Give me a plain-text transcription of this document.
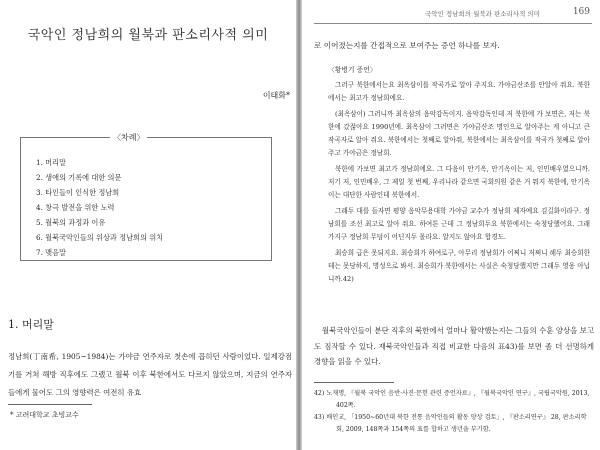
국악인 정남희의 월북과 판소리사적 의미
이태화*
〈차례〉
1. 머리말
2. 생애의 기록에 대한 의문
3. 타인들이 인식한 정남희
4. 창극 발전을 위한 노력
5. 월북의 과정과 이유
6. 월북국악인들의 위상과 정남희의 위치
7. 맺음말
1. 머리말

정남희(丁南希, 1905~1984)는 가야금 연주자로 첫손에 꼽히던 사람이었다. 일제강점기를 거쳐 해방 직후에도 그랬고 월북 이후 북한에서도 다르지 않았으며, 지금의 연주자들에게 물어도 그의 영향력은 여전히 유효

* 고려대학교 초빙교수
국악인 정남희의 월북과 판소리사적 의미	169

로 이어졌는지를 간접적으로 보여주는 증언 하나를 보자.

〈황병기 증언〉

그러구 북한에서는요 최옥삼이를 작곡가로 알아 주지요. 가야금산조를 안알아 줘요. 북한에서는 최고가 정남희에요.

(최옥삼이) 그러니까 최옥삼의 음악감독이지. 음악감독인데 저 북한에 가 보면은, 저는 북한에 갔잖아요 1990년에. 최옥삼이 그러면은 가야금산조 명인으로 알아주는 게 아니고 큰 작곡자로 알아 줘요. 북한에서는 첫째로 알아줘, 북한에서는 최옥삼이를 작곡가 첫째로 알아주고 가야금은 정남희.

북한에 가보면 최고가 정남희에요. 그 다음이 안기옥, 안기옥이는 저, 인민배우였으니까. 저기 저, 인민배우, 그 제일 첫 번째, 우리나라 같으면 국회의원 같은 거 뭐지 북한에, 안기옥이는 대단한 사람인데 북한에서.

그래두 대를 들자면 평양 음악무용대학 가야금 교수가 정남희 제자예요 김길화이라구. 정남희를 조선 최고로 알아 줘요. 하여튼 근데 그 정남희두요 북한에서는 숙청당했어요. 그래 가지구 정남희 무덤이 어딘지두 몰라요. 알지도 않아요 합경도.

최승희 급은 못되지요. 최승희가 하여로구, 아무리 정남희가 어쩌니 저쩌니 해두 최승희한테는 못당하지, 명성으로 봐서. 최승희가 북한에서는 사실은 숙청당했지만 그래두 영웅 아닙니까.42)

월북국악인들이 분단 직후의 북한에서 얼마나 활약했는지는 그들의 수훈 양상을 보고도 짐작할 수 있다. 재북국악인들과 직접 비교한 다음의 표43)를 보면 좀 더 선명하게 경향을 읽을 수 있다.

42) 노재명, 『월북 국악인 음반·사진·문헌 관련 증언자료』, 『월북국악인 연구』, 국립국악원, 2013, 402쪽.
43) 배인교, 「1950~60년대 북한 전통 음악인들의 활동 양상 검토」, 『판소리연구』 28, 판소리학회, 2009, 148쪽과 154쪽의 표를 합하고 생년을 부기함.
